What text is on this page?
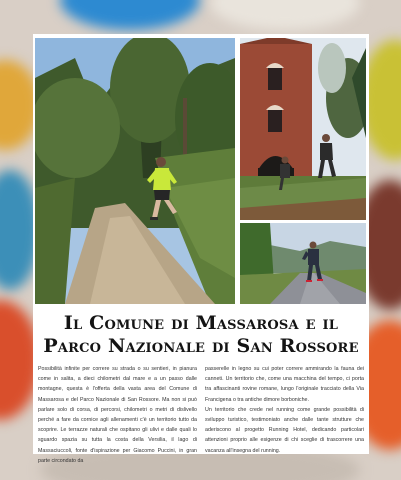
Il Comune di Massarosa e il
Parco Nazionale di San Rossore

Possibilità infinite per correre su strada o su sentieri, in pianura come in salita, a dieci chilometri dal mare e a un passo dalle montagne, questa è l'offerta della vasta area del Comune di Massarosa e del Parco Nazionale di San Rossore. Ma non si può parlare solo di corsa, di percorsi, chilometri o metri di dislivello perché a fare da cornice agli allenamenti c'è un territorio tutto da scoprire. Le terrazze naturali che ospitano gli ulivi e dalle quali lo sguardo spazia su tutta la costa della Versilia, il lago di Massaciuccoli, fonte d'ispirazione per Giacomo Puccini, in gran parte circondato da

passerelle in legno su cui poter correre ammirando la fauna dei canneti. Un territorio che, come una macchina del tempo, ci porta tra affascinanti rovine romane, lungo l'originale tracciato della Via Francigena o tra antiche dimore borboniche.

Un territorio che crede nel running come grande possibilità di sviluppo turistico, testimoniato anche dalle tante strutture che aderiscono al progetto Running Hotel, dedicando particolari attenzioni proprio alle esigenze di chi sceglie di trascorrere una vacanza all'insegna del running.
